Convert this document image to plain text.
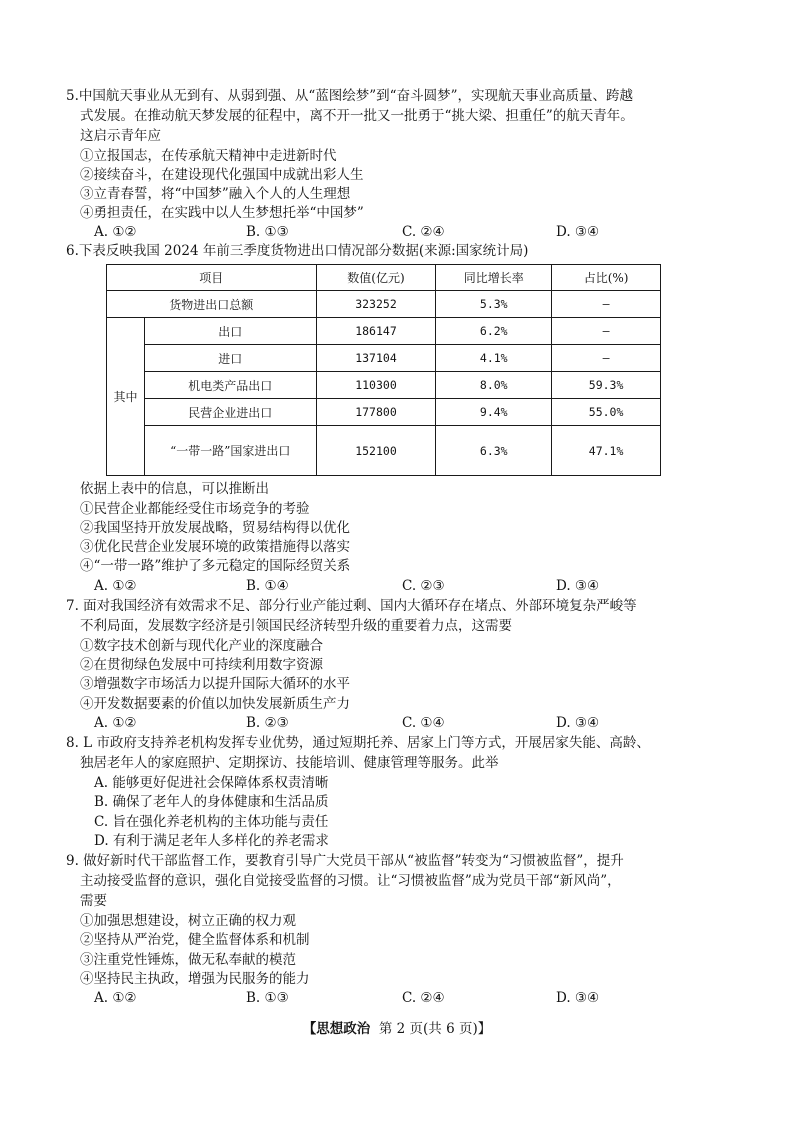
5.中国航天事业从无到有、从弱到强、从“蓝图绘梦”到“奋斗圆梦”，实现航天事业高质量、跨越
式发展。在推动航天梦发展的征程中，离不开一批又一批勇于“挑大梁、担重任”的航天青年。
这启示青年应
①立报国志，在传承航天精神中走进新时代
②接续奋斗，在建设现代化强国中成就出彩人生
③立青春誓，将“中国梦”融入个人的人生理想
④勇担责任，在实践中以人生梦想托举“中国梦”
A. ①②	B. ①③	C. ②④	D. ③④
6.下表反映我国 2024 年前三季度货物进出口情况部分数据(来源:国家统计局)
项目		数值(亿元)	同比增长率	占比(%)
货物进出口总额		323252	5.3%	—
其中	出口	186147	6.2%	—
	进口	137104	4.1%	—
	机电类产品出口	110300	8.0%	59.3%
	民营企业进出口	177800	9.4%	55.0%
	“一带一路”国家进出口	152100	6.3%	47.1%
依据上表中的信息，可以推断出
①民营企业都能经受住市场竞争的考验
②我国坚持开放发展战略，贸易结构得以优化
③优化民营企业发展环境的政策措施得以落实
④“一带一路”维护了多元稳定的国际经贸关系
A. ①②	B. ①④	C. ②③	D. ③④
7. 面对我国经济有效需求不足、部分行业产能过剩、国内大循环存在堵点、外部环境复杂严峻等
不利局面，发展数字经济是引领国民经济转型升级的重要着力点，这需要
①数字技术创新与现代化产业的深度融合
②在贯彻绿色发展中可持续利用数字资源
③增强数字市场活力以提升国际大循环的水平
④开发数据要素的价值以加快发展新质生产力
A. ①②	B. ②③	C. ①④	D. ③④
8. L 市政府支持养老机构发挥专业优势，通过短期托养、居家上门等方式，开展居家失能、高龄、
独居老年人的家庭照护、定期探访、技能培训、健康管理等服务。此举
A. 能够更好促进社会保障体系权责清晰
B. 确保了老年人的身体健康和生活品质
C. 旨在强化养老机构的主体功能与责任
D. 有利于满足老年人多样化的养老需求
9. 做好新时代干部监督工作，要教育引导广大党员干部从“被监督”转变为“习惯被监督”，提升
主动接受监督的意识，强化自觉接受监督的习惯。让“习惯被监督”成为党员干部“新风尚”，
需要
①加强思想建设，树立正确的权力观
②坚持从严治党，健全监督体系和机制
③注重党性锤炼，做无私奉献的模范
④坚持民主执政，增强为民服务的能力
A. ①②	B. ①③	C. ②④	D. ③④
【思想政治 第 2 页(共 6 页)】
